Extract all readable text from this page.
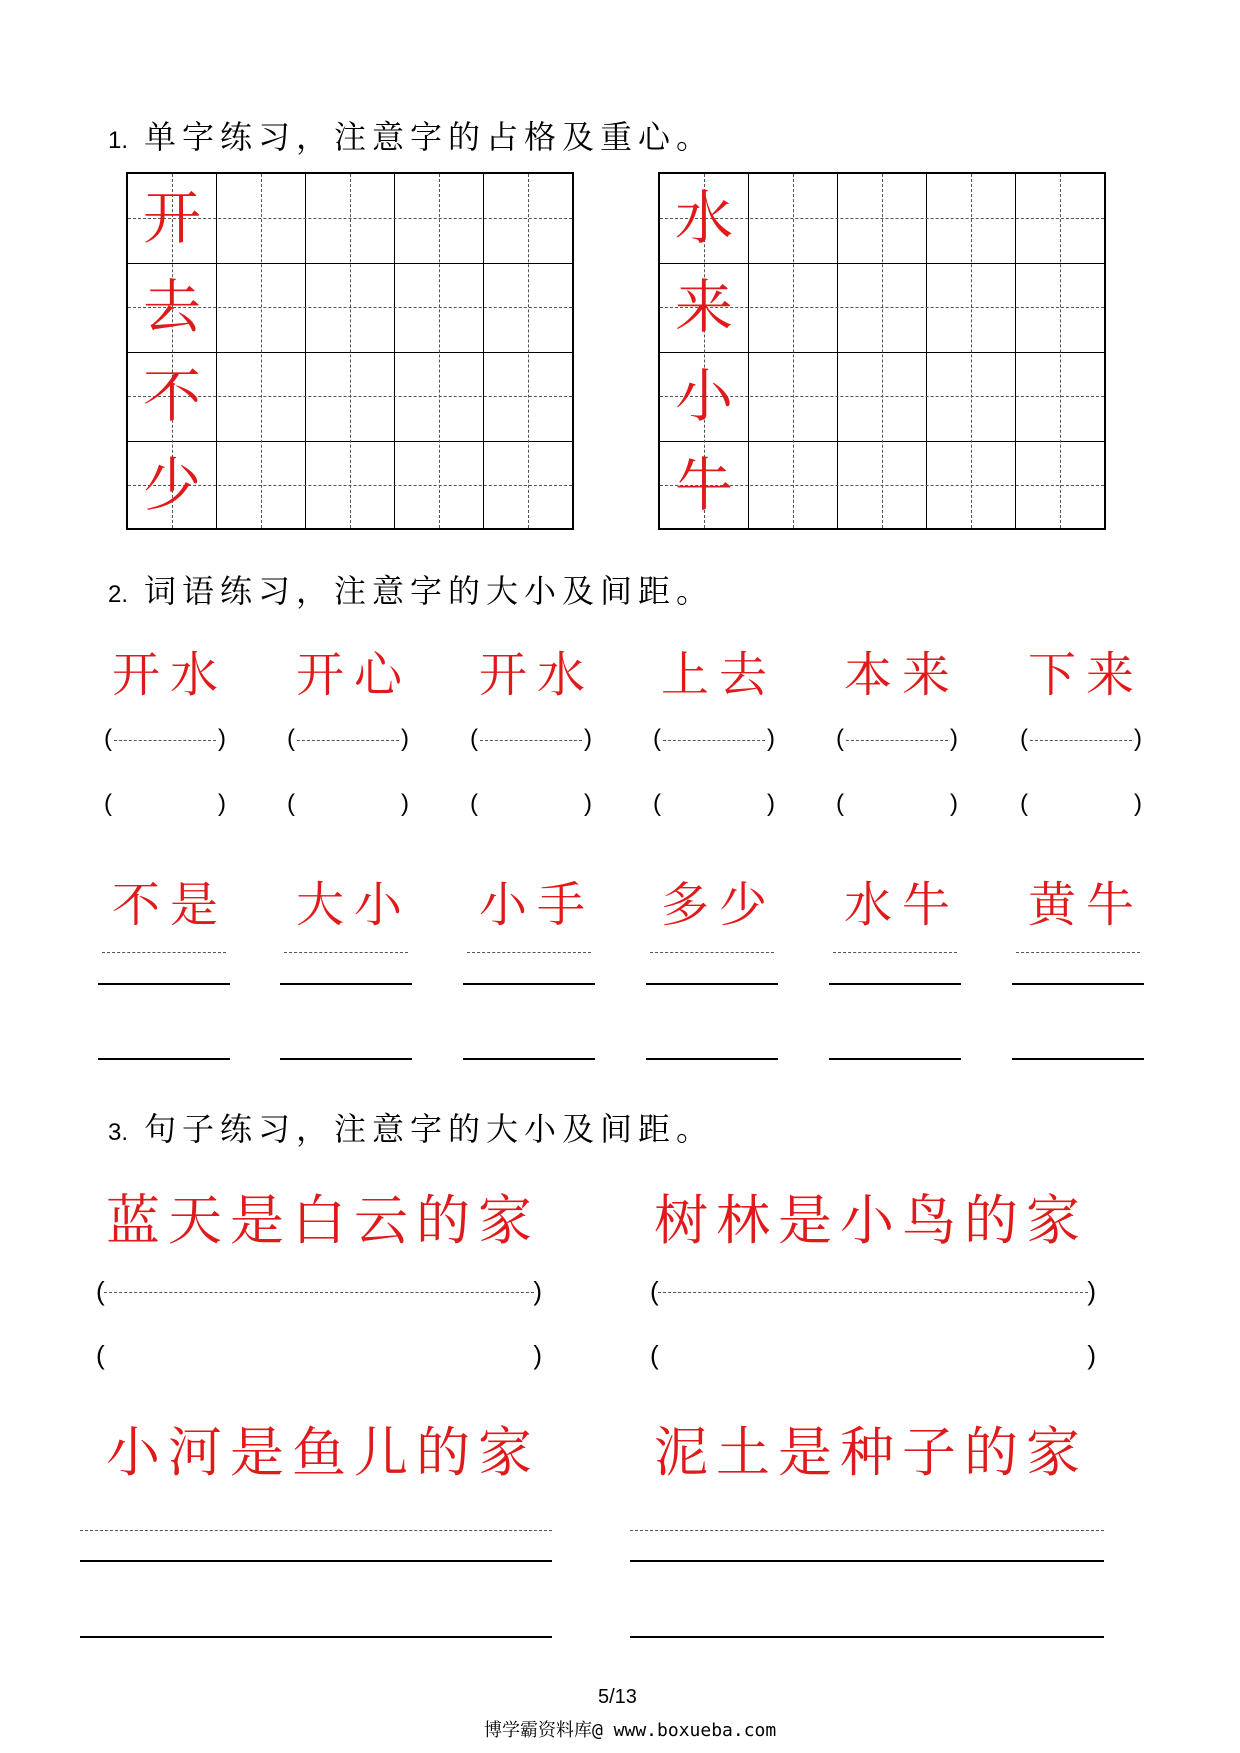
1. 单字练习，注意字的占格及重心。
开
去
不
少
水
来
小
牛
2. 词语练习，注意字的大小及间距。
开水 开心 开水 上去 本来 下来
(	)	(	)	(	)	(	)	(	)	(	)
(	)	(	)	(	)	(	)	(	)	(	)
不是 大小 小手 多少 水牛 黄牛
3. 句子练习，注意字的大小及间距。
蓝天是白云的家 树林是小鸟的家
(	)	(	)
(	)	(	)
小河是鱼儿的家 泥土是种子的家
5/13
博学霸资料库@ www.boxueba.com
